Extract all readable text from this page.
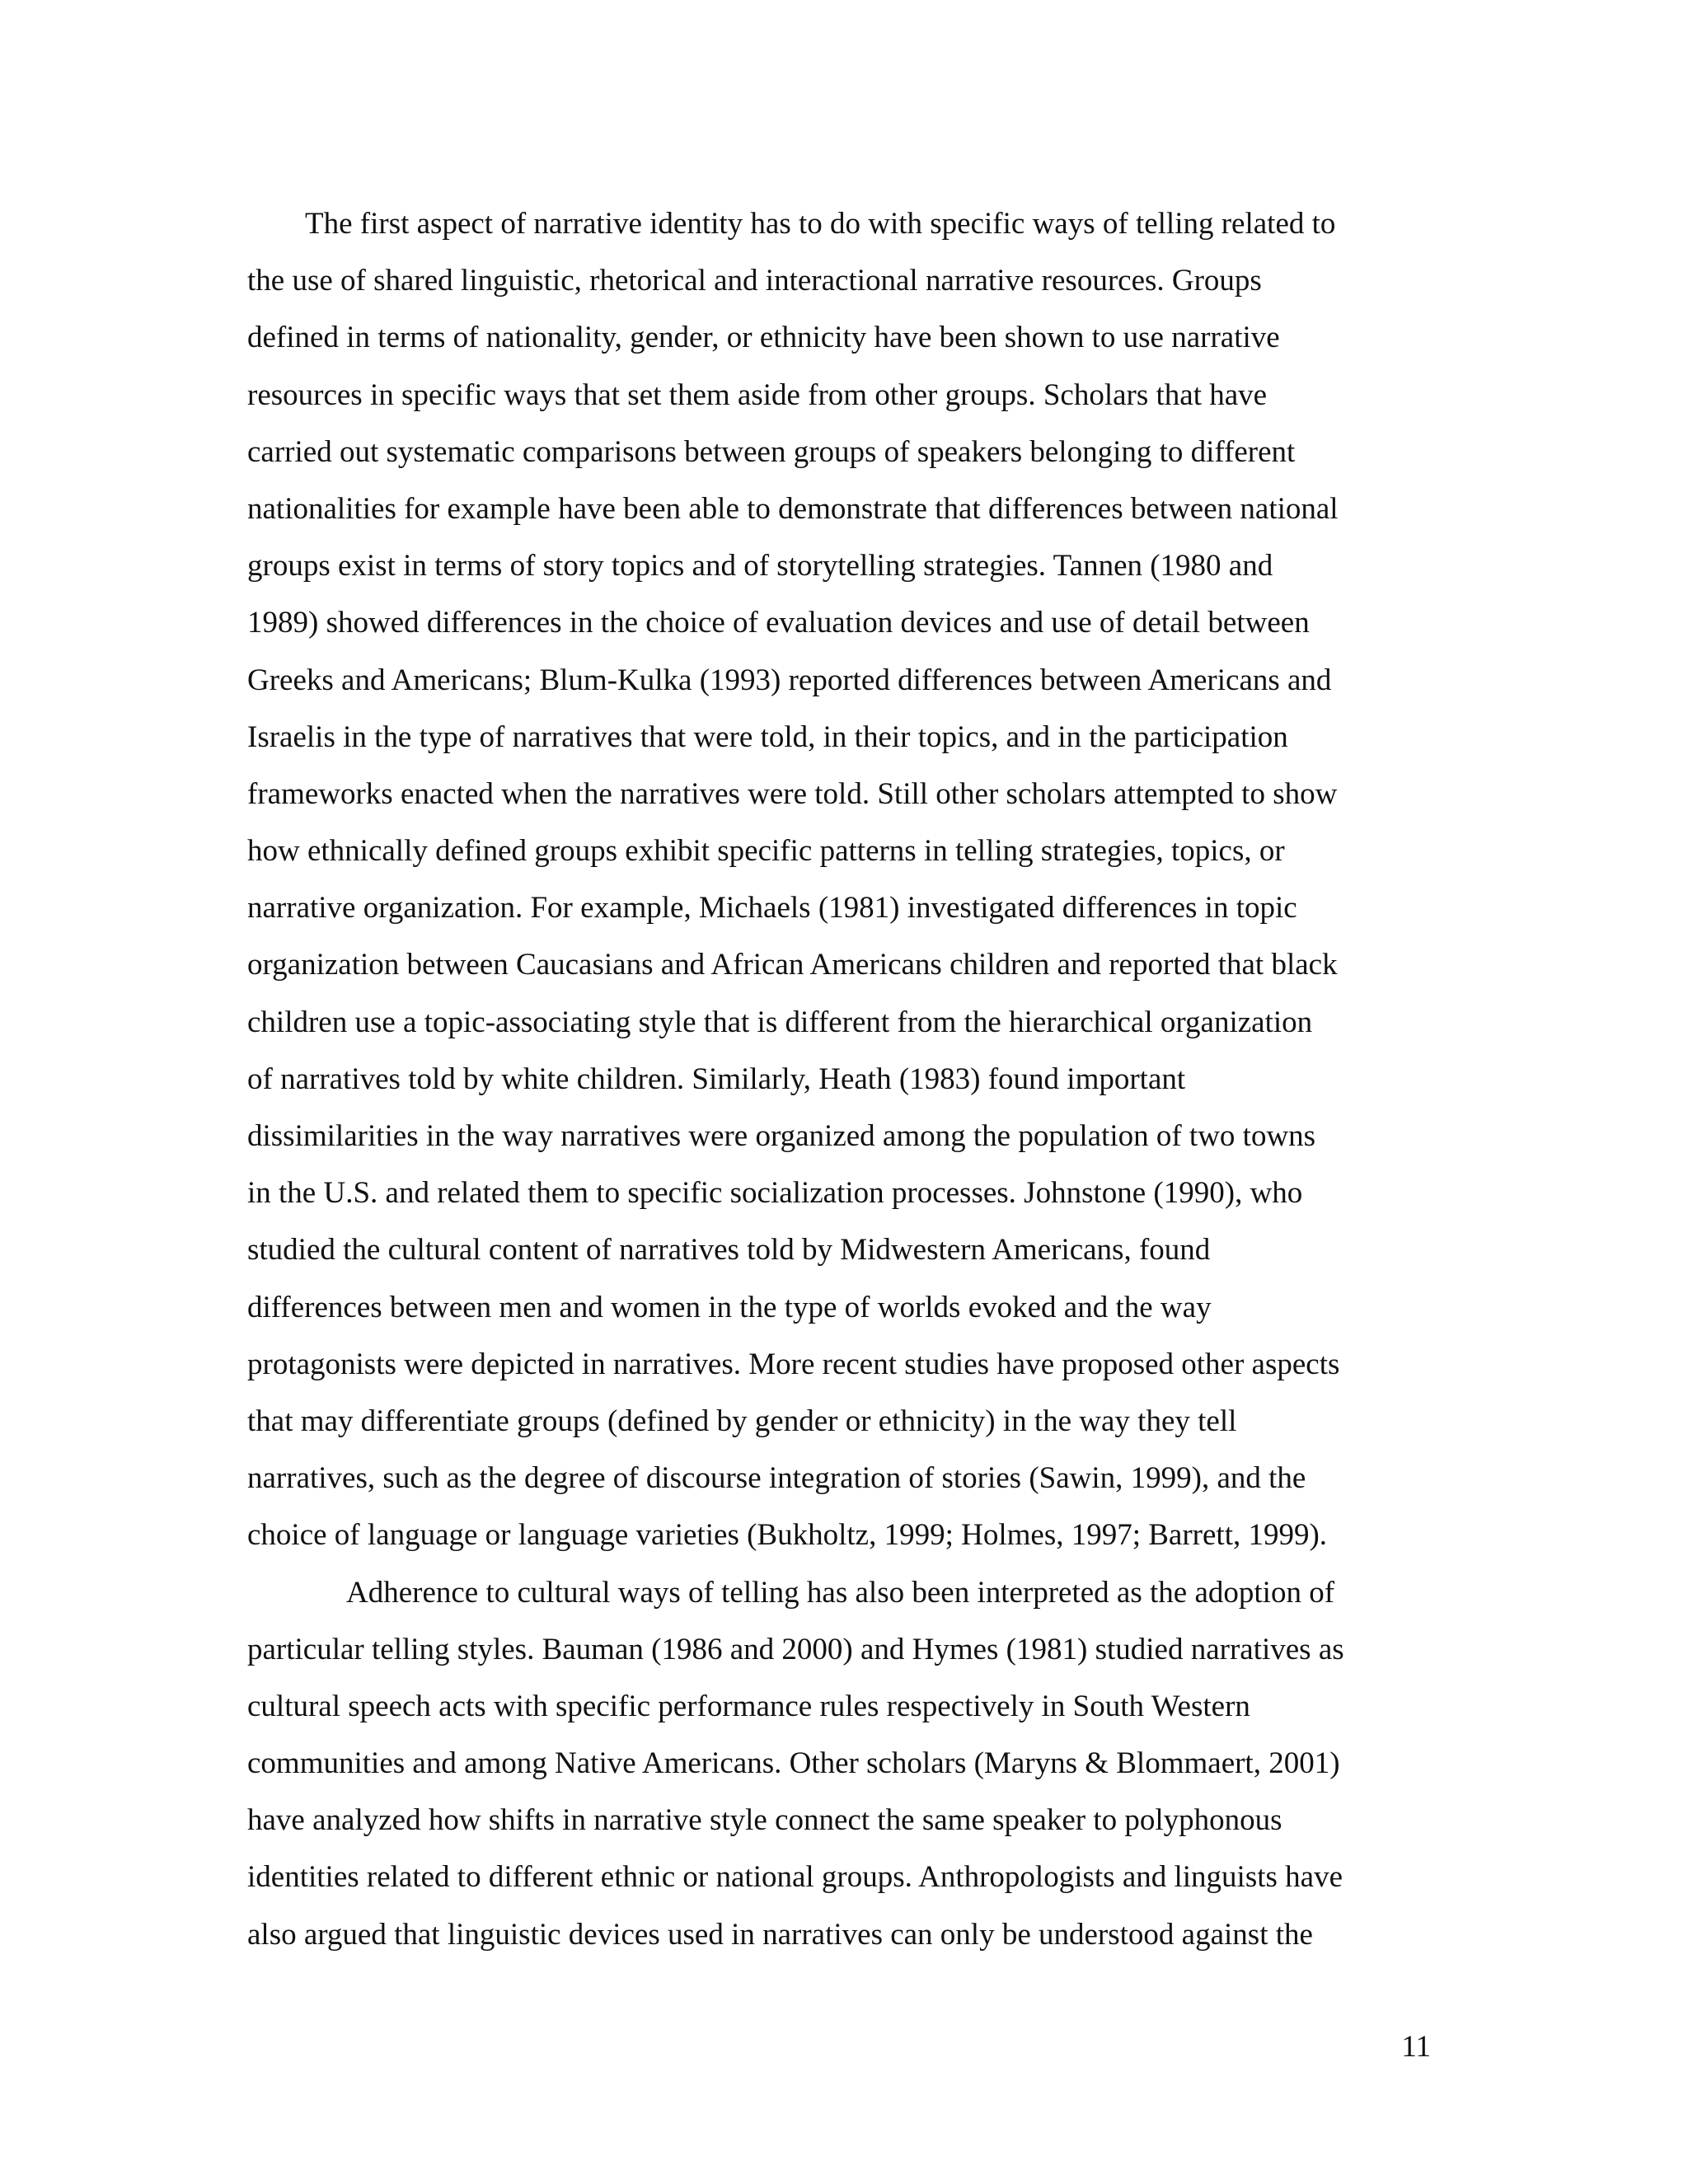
The first aspect of narrative identity has to do with specific ways of telling related to
the use of shared linguistic, rhetorical and interactional narrative resources. Groups
defined in terms of nationality, gender, or ethnicity have been shown to use narrative
resources in specific ways that set them aside from other groups. Scholars that have
carried out systematic comparisons between groups of speakers belonging to different
nationalities for example have been able to demonstrate that differences between national
groups exist in terms of story topics and of storytelling strategies. Tannen (1980 and
1989) showed differences in the choice of evaluation devices and use of detail between
Greeks and Americans; Blum-Kulka (1993) reported differences between Americans and
Israelis in the type of narratives that were told, in their topics, and in the participation
frameworks enacted when the narratives were told. Still other scholars attempted to show
how ethnically defined groups exhibit specific patterns in telling strategies, topics, or
narrative organization. For example, Michaels (1981) investigated differences in topic
organization between Caucasians and African Americans children and reported that black
children use a topic-associating style that is different from the hierarchical organization
of narratives told by white children. Similarly, Heath (1983) found important
dissimilarities in the way narratives were organized among the population of two towns
in the U.S. and related them to specific socialization processes. Johnstone (1990), who
studied the cultural content of narratives told by Midwestern Americans, found
differences between men and women in the type of worlds evoked and the way
protagonists were depicted in narratives. More recent studies have proposed other aspects
that may differentiate groups (defined by gender or ethnicity) in the way they tell
narratives, such as the degree of discourse integration of stories (Sawin, 1999), and the
choice of language or language varieties (Bukholtz, 1999; Holmes, 1997; Barrett, 1999).
Adherence to cultural ways of telling has also been interpreted as the adoption of
particular telling styles. Bauman (1986 and 2000) and Hymes (1981) studied narratives as
cultural speech acts with specific performance rules respectively in South Western
communities and among Native Americans. Other scholars (Maryns & Blommaert, 2001)
have analyzed how shifts in narrative style connect the same speaker to polyphonous
identities related to different ethnic or national groups. Anthropologists and linguists have
also argued that linguistic devices used in narratives can only be understood against the
11
